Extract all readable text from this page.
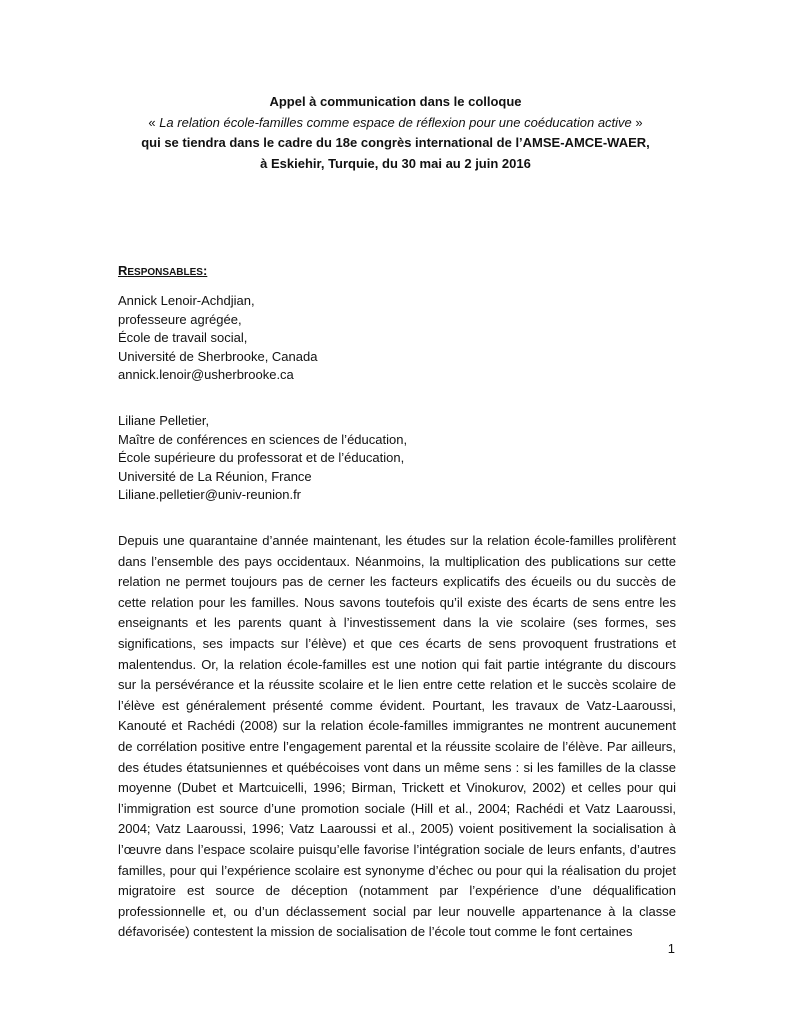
Appel à communication dans le colloque

« La relation école-familles comme espace de réflexion pour une coéducation active »

qui se tiendra dans le cadre du 18e congrès international de l’AMSE-AMCE-WAER,

à Eskiehir, Turquie, du 30 mai au 2 juin 2016

RESPONSABLES:
Annick Lenoir-Achdjian,
professeure agrégée,
École de travail social,
Université de Sherbrooke, Canada
annick.lenoir@usherbrooke.ca
Liliane Pelletier,
Maître de conférences en sciences de l’éducation,
École supérieure du professorat et de l’éducation,
Université de La Réunion, France
Liliane.pelletier@univ-reunion.fr

Depuis une quarantaine d’année maintenant, les études sur la relation école-familles prolifèrent dans l’ensemble des pays occidentaux. Néanmoins, la multiplication des publications sur cette relation ne permet toujours pas de cerner les facteurs explicatifs des écueils ou du succès de cette relation pour les familles. Nous savons toutefois qu’il existe des écarts de sens entre les enseignants et les parents quant à l’investissement dans la vie scolaire (ses formes, ses significations, ses impacts sur l’élève) et que ces écarts de sens provoquent frustrations et malentendus. Or, la relation école-familles est une notion qui fait partie intégrante du discours sur la persévérance et la réussite scolaire et le lien entre cette relation et le succès scolaire de l’élève est généralement présenté comme évident. Pourtant, les travaux de Vatz-Laaroussi, Kanouté et Rachédi (2008) sur la relation école-familles immigrantes ne montrent aucunement de corrélation positive entre l’engagement parental et la réussite scolaire de l’élève. Par ailleurs, des études étatsuniennes et québécoises vont dans un même sens : si les familles de la classe moyenne (Dubet et Martcuicelli, 1996; Birman, Trickett et Vinokurov, 2002) et celles pour qui l’immigration est source d’une promotion sociale (Hill et al., 2004; Rachédi et Vatz Laaroussi, 2004; Vatz Laaroussi, 1996; Vatz Laaroussi et al., 2005) voient positivement la socialisation à l’œuvre dans l’espace scolaire puisqu’elle favorise l’intégration sociale de leurs enfants, d’autres familles, pour qui l’expérience scolaire est synonyme d’échec ou pour qui la réalisation du projet migratoire est source de déception (notamment par l’expérience d’une déqualification professionnelle et, ou d’un déclassement social par leur nouvelle appartenance à la classe défavorisée) contestent la mission de socialisation de l’école tout comme le font certaines

1
